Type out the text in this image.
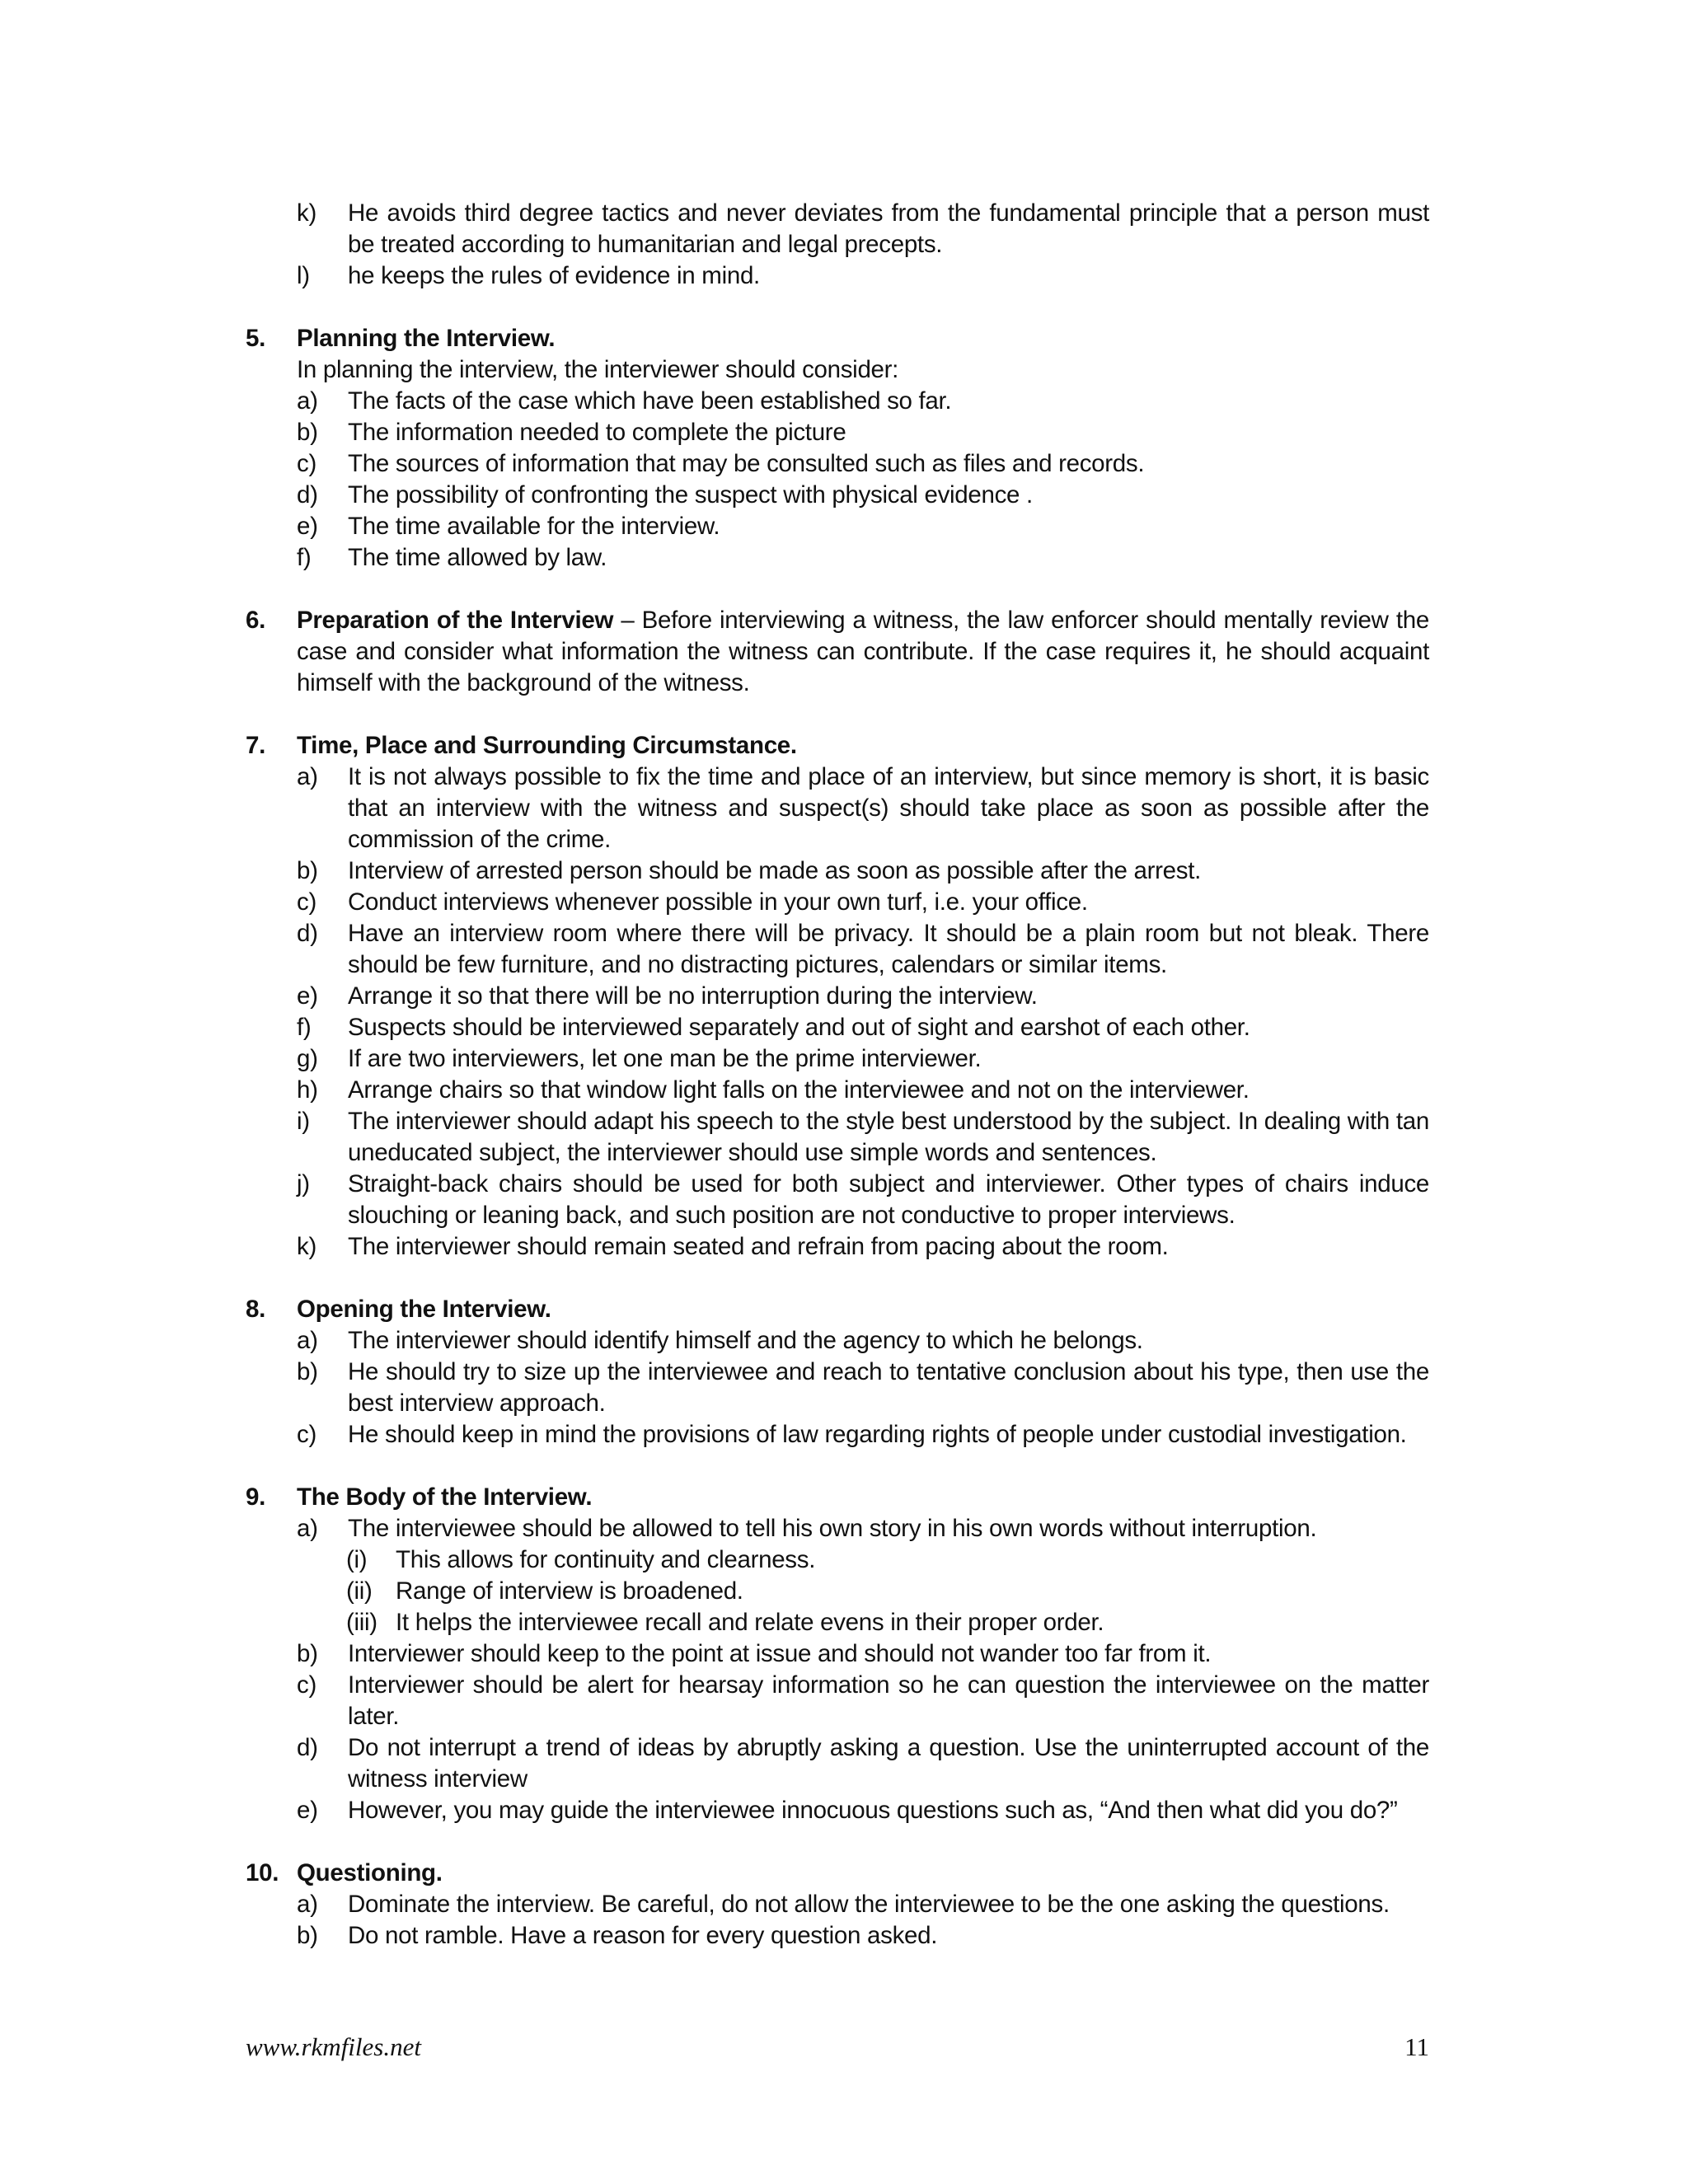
k)	He avoids third degree tactics and never deviates from the fundamental principle that a person must be treated according to humanitarian and legal precepts.
l)	he keeps the rules of evidence in mind.
5.	Planning the Interview.
In planning the interview, the interviewer should consider:
a)	The facts of the case which have been established so far.
b)	The information needed to complete the picture
c)	The sources of information that may be consulted such as files and records.
d)	The possibility of confronting the suspect with physical evidence .
e)	The time available for the interview.
f)	The time allowed by law.
6.	Preparation of the Interview – Before interviewing a witness, the law enforcer should mentally review the case and consider what information the witness can contribute. If the case requires it, he should acquaint himself with the background of the witness.
7.	Time, Place and Surrounding Circumstance.
a)	It is not always possible to fix the time and place of an interview, but since memory is short, it is basic that an interview with the witness and suspect(s) should take place as soon as possible after the commission of the crime.
b)	Interview of arrested person should be made as soon as possible after the arrest.
c)	Conduct interviews whenever possible in your own turf, i.e. your office.
d)	Have an interview room where there will be privacy. It should be a plain room but not bleak. There should be few furniture, and no distracting pictures, calendars or similar items.
e)	Arrange it so that there will be no interruption during the interview.
f)	Suspects should be interviewed separately and out of sight and earshot of each other.
g)	If are two interviewers, let one man be the prime interviewer.
h)	Arrange chairs so that window light falls on the interviewee and not on the interviewer.
i)	The interviewer should adapt his speech to the style best understood by the subject. In dealing with tan uneducated subject, the interviewer should use simple words and sentences.
j)	Straight-back chairs should be used for both subject and interviewer. Other types of chairs induce slouching or leaning back, and such position are not conductive to proper interviews.
k)	The interviewer should remain seated and refrain from pacing about the room.
8.	Opening the Interview.
a)	The interviewer should identify himself and the agency to which he belongs.
b)	He should try to size up the interviewee and reach to tentative conclusion about his type, then use the best interview approach.
c)	He should keep in mind the provisions of law regarding rights of people under custodial investigation.
9.	The Body of the Interview.
a)	The interviewee should be allowed to tell his own story in his own words without interruption.
(i)	This allows for continuity and clearness.
(ii) Range of interview is broadened.
(iii) It helps the interviewee recall and relate evens in their proper order.
b)	Interviewer should keep to the point at issue and should not wander too far from it.
c)	Interviewer should be alert for hearsay information so he can question the interviewee on the matter later.
d)	Do not interrupt a trend of ideas by abruptly asking a question. Use the uninterrupted account of the witness interview
e)	However, you may guide the interviewee innocuous questions such as, “And then what did you do?”
10. Questioning.
a)	Dominate the interview. Be careful, do not allow the interviewee to be the one asking the questions.
b)	Do not ramble. Have a reason for every question asked.
www.rkmfiles.net	11
